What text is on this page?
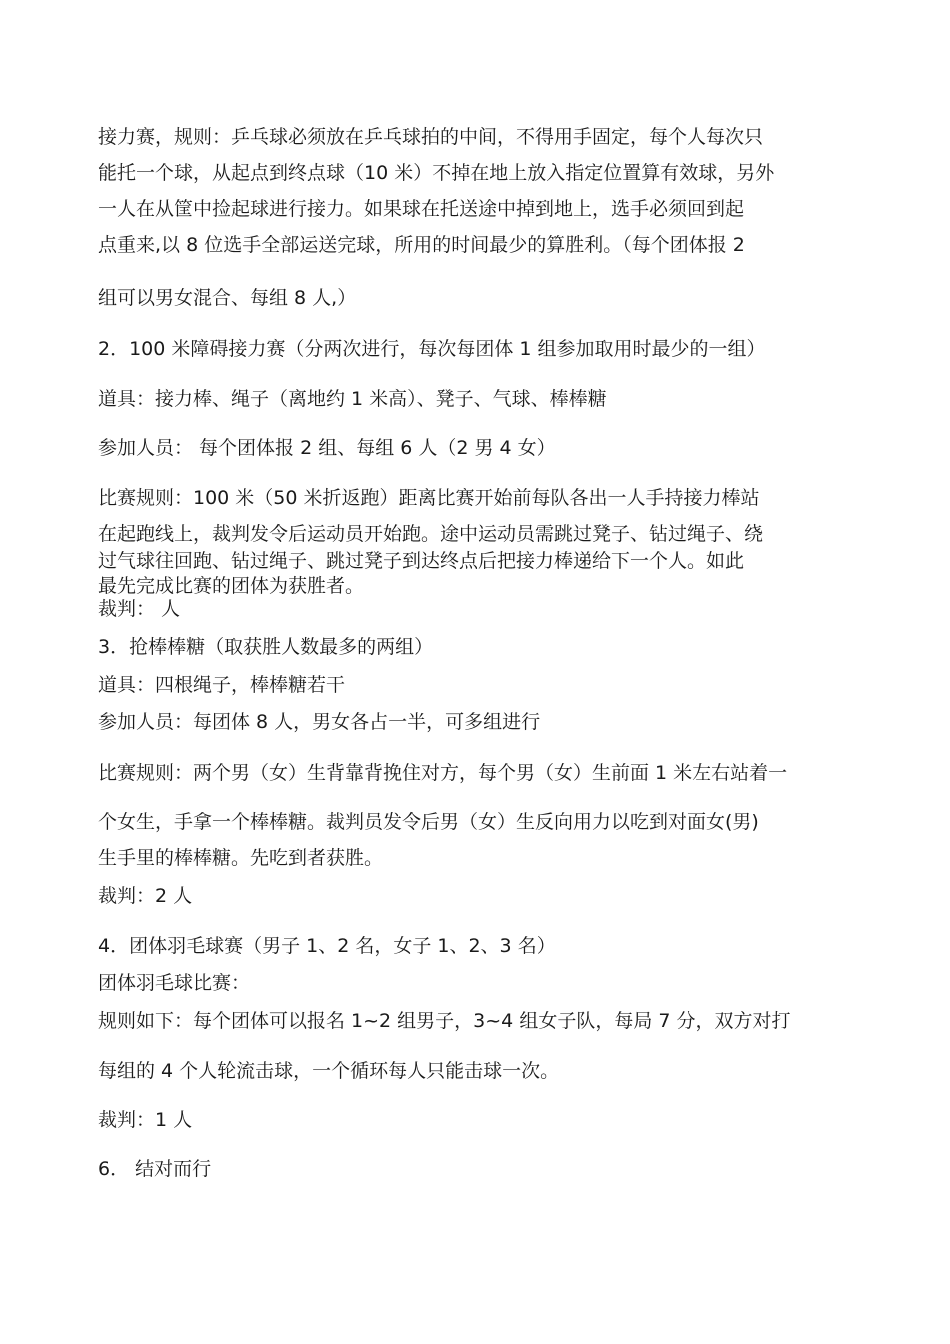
接力赛，规则：乒乓球必须放在乒乓球拍的中间，不得用手固定，每个人每次只

能托一个球，从起点到终点球（10 米）不掉在地上放入指定位置算有效球，另外

一人在从筐中捡起球进行接力。如果球在托送途中掉到地上，选手必须回到起

点重来,以 8 位选手全部运送完球，所用的时间最少的算胜利。（每个团体报 2

组可以男女混合、每组 8 人,）

2．100 米障碍接力赛（分两次进行，每次每团体 1 组参加取用时最少的一组）

道具：接力棒、绳子（离地约 1 米高）、凳子、气球、棒棒糖

参加人员： 每个团体报 2 组、每组 6 人（2 男 4 女）

比赛规则：100 米（50 米折返跑）距离比赛开始前每队各出一人手持接力棒站

在起跑线上，裁判发令后运动员开始跑。途中运动员需跳过凳子、钻过绳子、绕

过气球往回跑、钻过绳子、跳过凳子到达终点后把接力棒递给下一个人。如此

最先完成比赛的团体为获胜者。

裁判： 人

3．抢棒棒糖（取获胜人数最多的两组）

道具：四根绳子，棒棒糖若干

参加人员：每团体 8 人，男女各占一半，可多组进行

比赛规则：两个男（女）生背靠背挽住对方，每个男（女）生前面 1 米左右站着一

个女生，手拿一个棒棒糖。裁判员发令后男（女）生反向用力以吃到对面女(男)

生手里的棒棒糖。先吃到者获胜。

裁判：2 人

4．团体羽毛球赛（男子 1、2 名，女子 1、2、3 名）

团体羽毛球比赛：

规则如下：每个团体可以报名 1~2 组男子，3~4 组女子队，每局 7 分，双方对打

每组的 4 个人轮流击球，一个循环每人只能击球一次。

裁判：1 人

6． 结对而行
